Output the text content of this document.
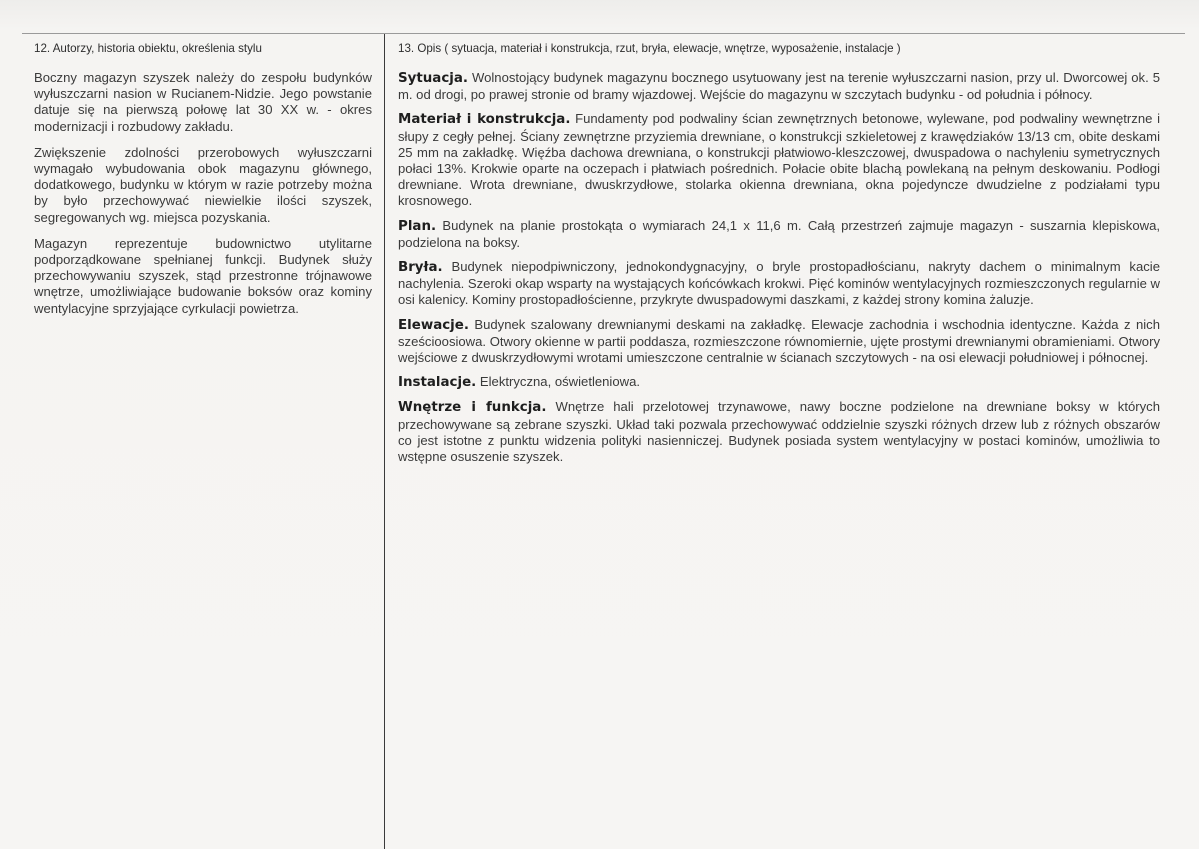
12. Autorzy, historia obiektu, określenia stylu

Boczny magazyn szyszek należy do zespołu budynków wyłuszczarni nasion w Rucianem-Nidzie. Jego powstanie datuje się na pierwszą połowę lat 30 XX w. - okres modernizacji i rozbudowy zakładu.

Zwiększenie zdolności przerobowych wyłuszczarni wymagało wybudowania obok magazynu głównego, dodatkowego, budynku w którym w razie potrzeby można by było przechowywać niewielkie ilości szyszek, segregowanych wg. miejsca pozyskania.

Magazyn reprezentuje budownictwo utylitarne podporządkowane spełnianej funkcji. Budynek służy przechowywaniu szyszek, stąd przestronne trójnawowe wnętrze, umożliwiające budowanie boksów oraz kominy wentylacyjne sprzyjające cyrkulacji powietrza.

13. Opis ( sytuacja, materiał i konstrukcja, rzut, bryła, elewacje, wnętrze, wyposażenie, instalacje )

Sytuacja. Wolnostojący budynek magazynu bocznego usytuowany jest na terenie wyłuszczarni nasion, przy ul. Dworcowej ok. 5 m. od drogi, po prawej stronie od bramy wjazdowej. Wejście do magazynu w szczytach budynku - od południa i północy.

Materiał i konstrukcja. Fundamenty pod podwaliny ścian zewnętrznych betonowe, wylewane, pod podwaliny wewnętrzne i słupy z cegły pełnej. Ściany zewnętrzne przyziemia drewniane, o konstrukcji szkieletowej z krawędziaków 13/13 cm, obite deskami 25 mm na zakładkę. Więźba dachowa drewniana, o konstrukcji płatwiowo-kleszczowej, dwuspadowa o nachyleniu symetrycznych połaci 13%. Krokwie oparte na oczepach i płatwiach pośrednich. Połacie obite blachą powlekaną na pełnym deskowaniu. Podłogi drewniane. Wrota drewniane, dwuskrzydłowe, stolarka okienna drewniana, okna pojedyncze dwudzielne z podziałami typu krosnowego.

Plan. Budynek na planie prostokąta o wymiarach 24,1 x 11,6 m. Całą przestrzeń zajmuje magazyn - suszarnia klepiskowa, podzielona na boksy.

Bryła. Budynek niepodpiwniczony, jednokondygnacyjny, o bryle prostopadłościanu, nakryty dachem o minimalnym kacie nachylenia. Szeroki okap wsparty na wystających końcówkach krokwi. Pięć kominów wentylacyjnych rozmieszczonych regularnie w osi kalenicy. Kominy prostopadłościenne, przykryte dwuspadowymi daszkami, z każdej strony komina żaluzje.

Elewacje. Budynek szalowany drewnianymi deskami na zakładkę. Elewacje zachodnia i wschodnia identyczne. Każda z nich sześcioosiowa. Otwory okienne w partii poddasza, rozmieszczone równomiernie, ujęte prostymi drewnianymi obramieniami. Otwory wejściowe z dwuskrzydłowymi wrotami umieszczone centralnie w ścianach szczytowych - na osi elewacji południowej i północnej.

Instalacje. Elektryczna, oświetleniowa.

Wnętrze i funkcja. Wnętrze hali przelotowej trzynawowe, nawy boczne podzielone na drewniane boksy w których przechowywane są zebrane szyszki. Układ taki pozwala przechowywać oddzielnie szyszki różnych drzew lub z różnych obszarów co jest istotne z punktu widzenia polityki nasienniczej. Budynek posiada system wentylacyjny w postaci kominów, umożliwia to wstępne osuszenie szyszek.
